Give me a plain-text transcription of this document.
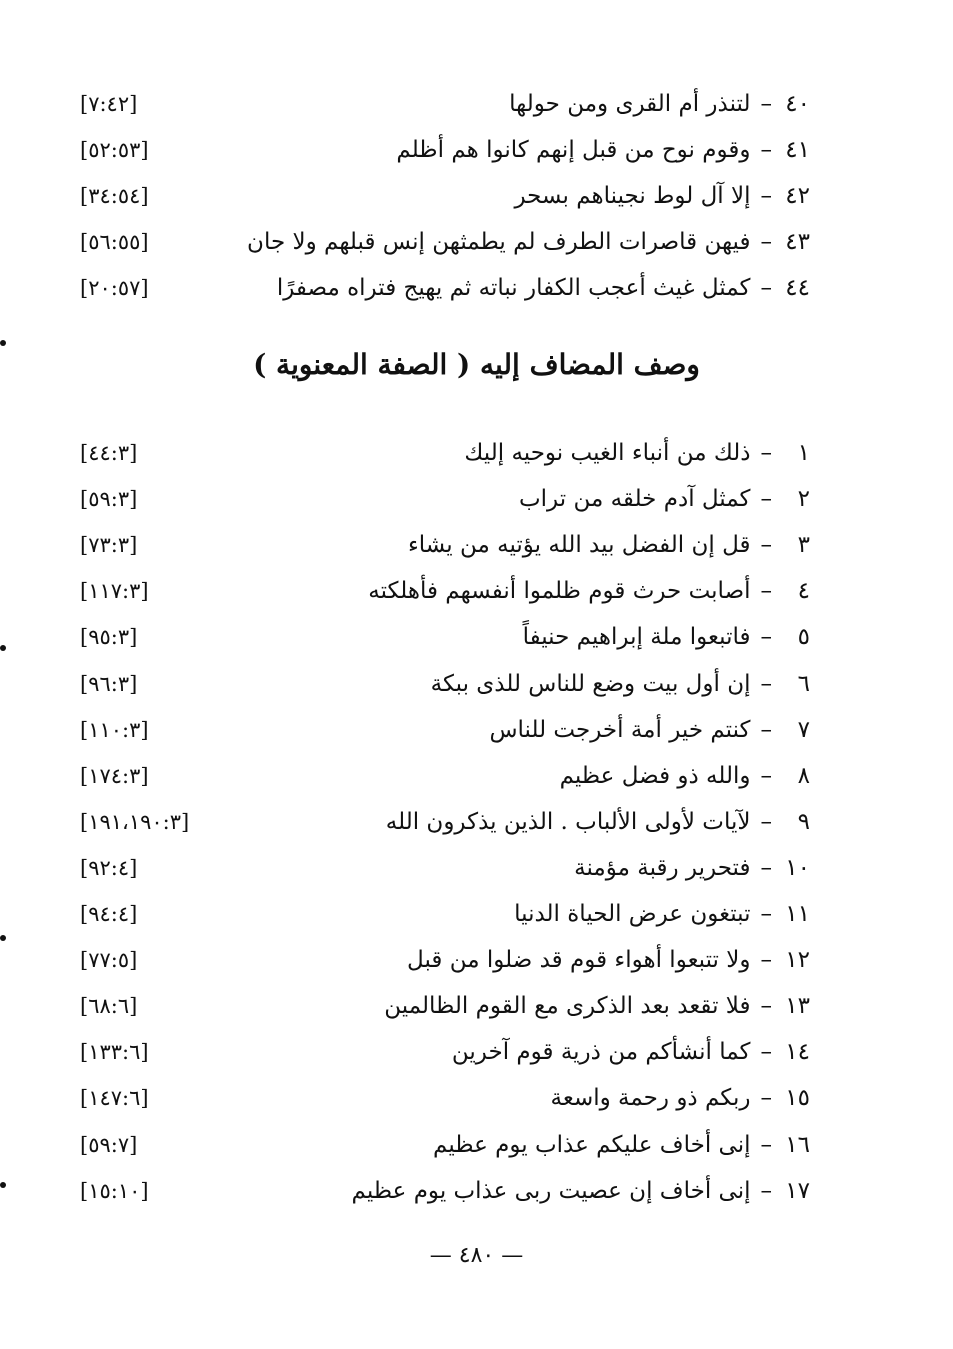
٤٠
–
لتنذر أم القرى ومن حولها
[٧:٤٢]
٤١
–
وقوم نوح من قبل إنهم كانوا هم أظلم
[٥٢:٥٣]
٤٢
–
إلا آل لوط نجيناهم بسحر
[٣٤:٥٤]
٤٣
–
فيهن قاصرات الطرف لم يطمثهن إنس قبلهم ولا جان
[٥٦:٥٥]
٤٤
–
كمثل غيث أعجب الكفار نباته ثم يهيج فتراه مصفرًا
[٢٠:٥٧]
وصف المضاف إليه ( الصفة المعنوية )
١
–
ذلك من أنباء الغيب نوحيه إليك
[٤٤:٣]
٢
–
كمثل آدم خلقه من تراب
[٥٩:٣]
٣
–
قل إن الفضل بيد الله يؤتيه من يشاء
[٧٣:٣]
٤
–
أصابت حرث قوم ظلموا أنفسهم فأهلكته
[١١٧:٣]
٥
–
فاتبعوا ملة إبراهيم حنيفاً
[٩٥:٣]
٦
–
إن أول بيت وضع للناس للذى ببكة
[٩٦:٣]
٧
–
كنتم خير أمة أخرجت للناس
[١١٠:٣]
٨
–
والله ذو فضل عظيم
[١٧٤:٣]
٩
–
لآيات لأولى الألباب . الذين يذكرون الله
[١٩١،١٩٠:٣]
١٠
–
فتحرير رقبة مؤمنة
[٩٢:٤]
١١
–
تبتغون عرض الحياة الدنيا
[٩٤:٤]
١٢
–
ولا تتبعوا أهواء قوم قد ضلوا من قبل
[٧٧:٥]
١٣
–
فلا تقعد بعد الذكرى مع القوم الظالمين
[٦٨:٦]
١٤
–
كما أنشأكم من ذرية قوم آخرين
[١٣٣:٦]
١٥
–
ربكم ذو رحمة واسعة
[١٤٧:٦]
١٦
–
إنى أخاف عليكم عذاب يوم عظيم
[٥٩:٧]
١٧
–
إنى أخاف إن عصيت ربى عذاب يوم عظيم
[١٥:١٠]
— ٤٨٠ —
